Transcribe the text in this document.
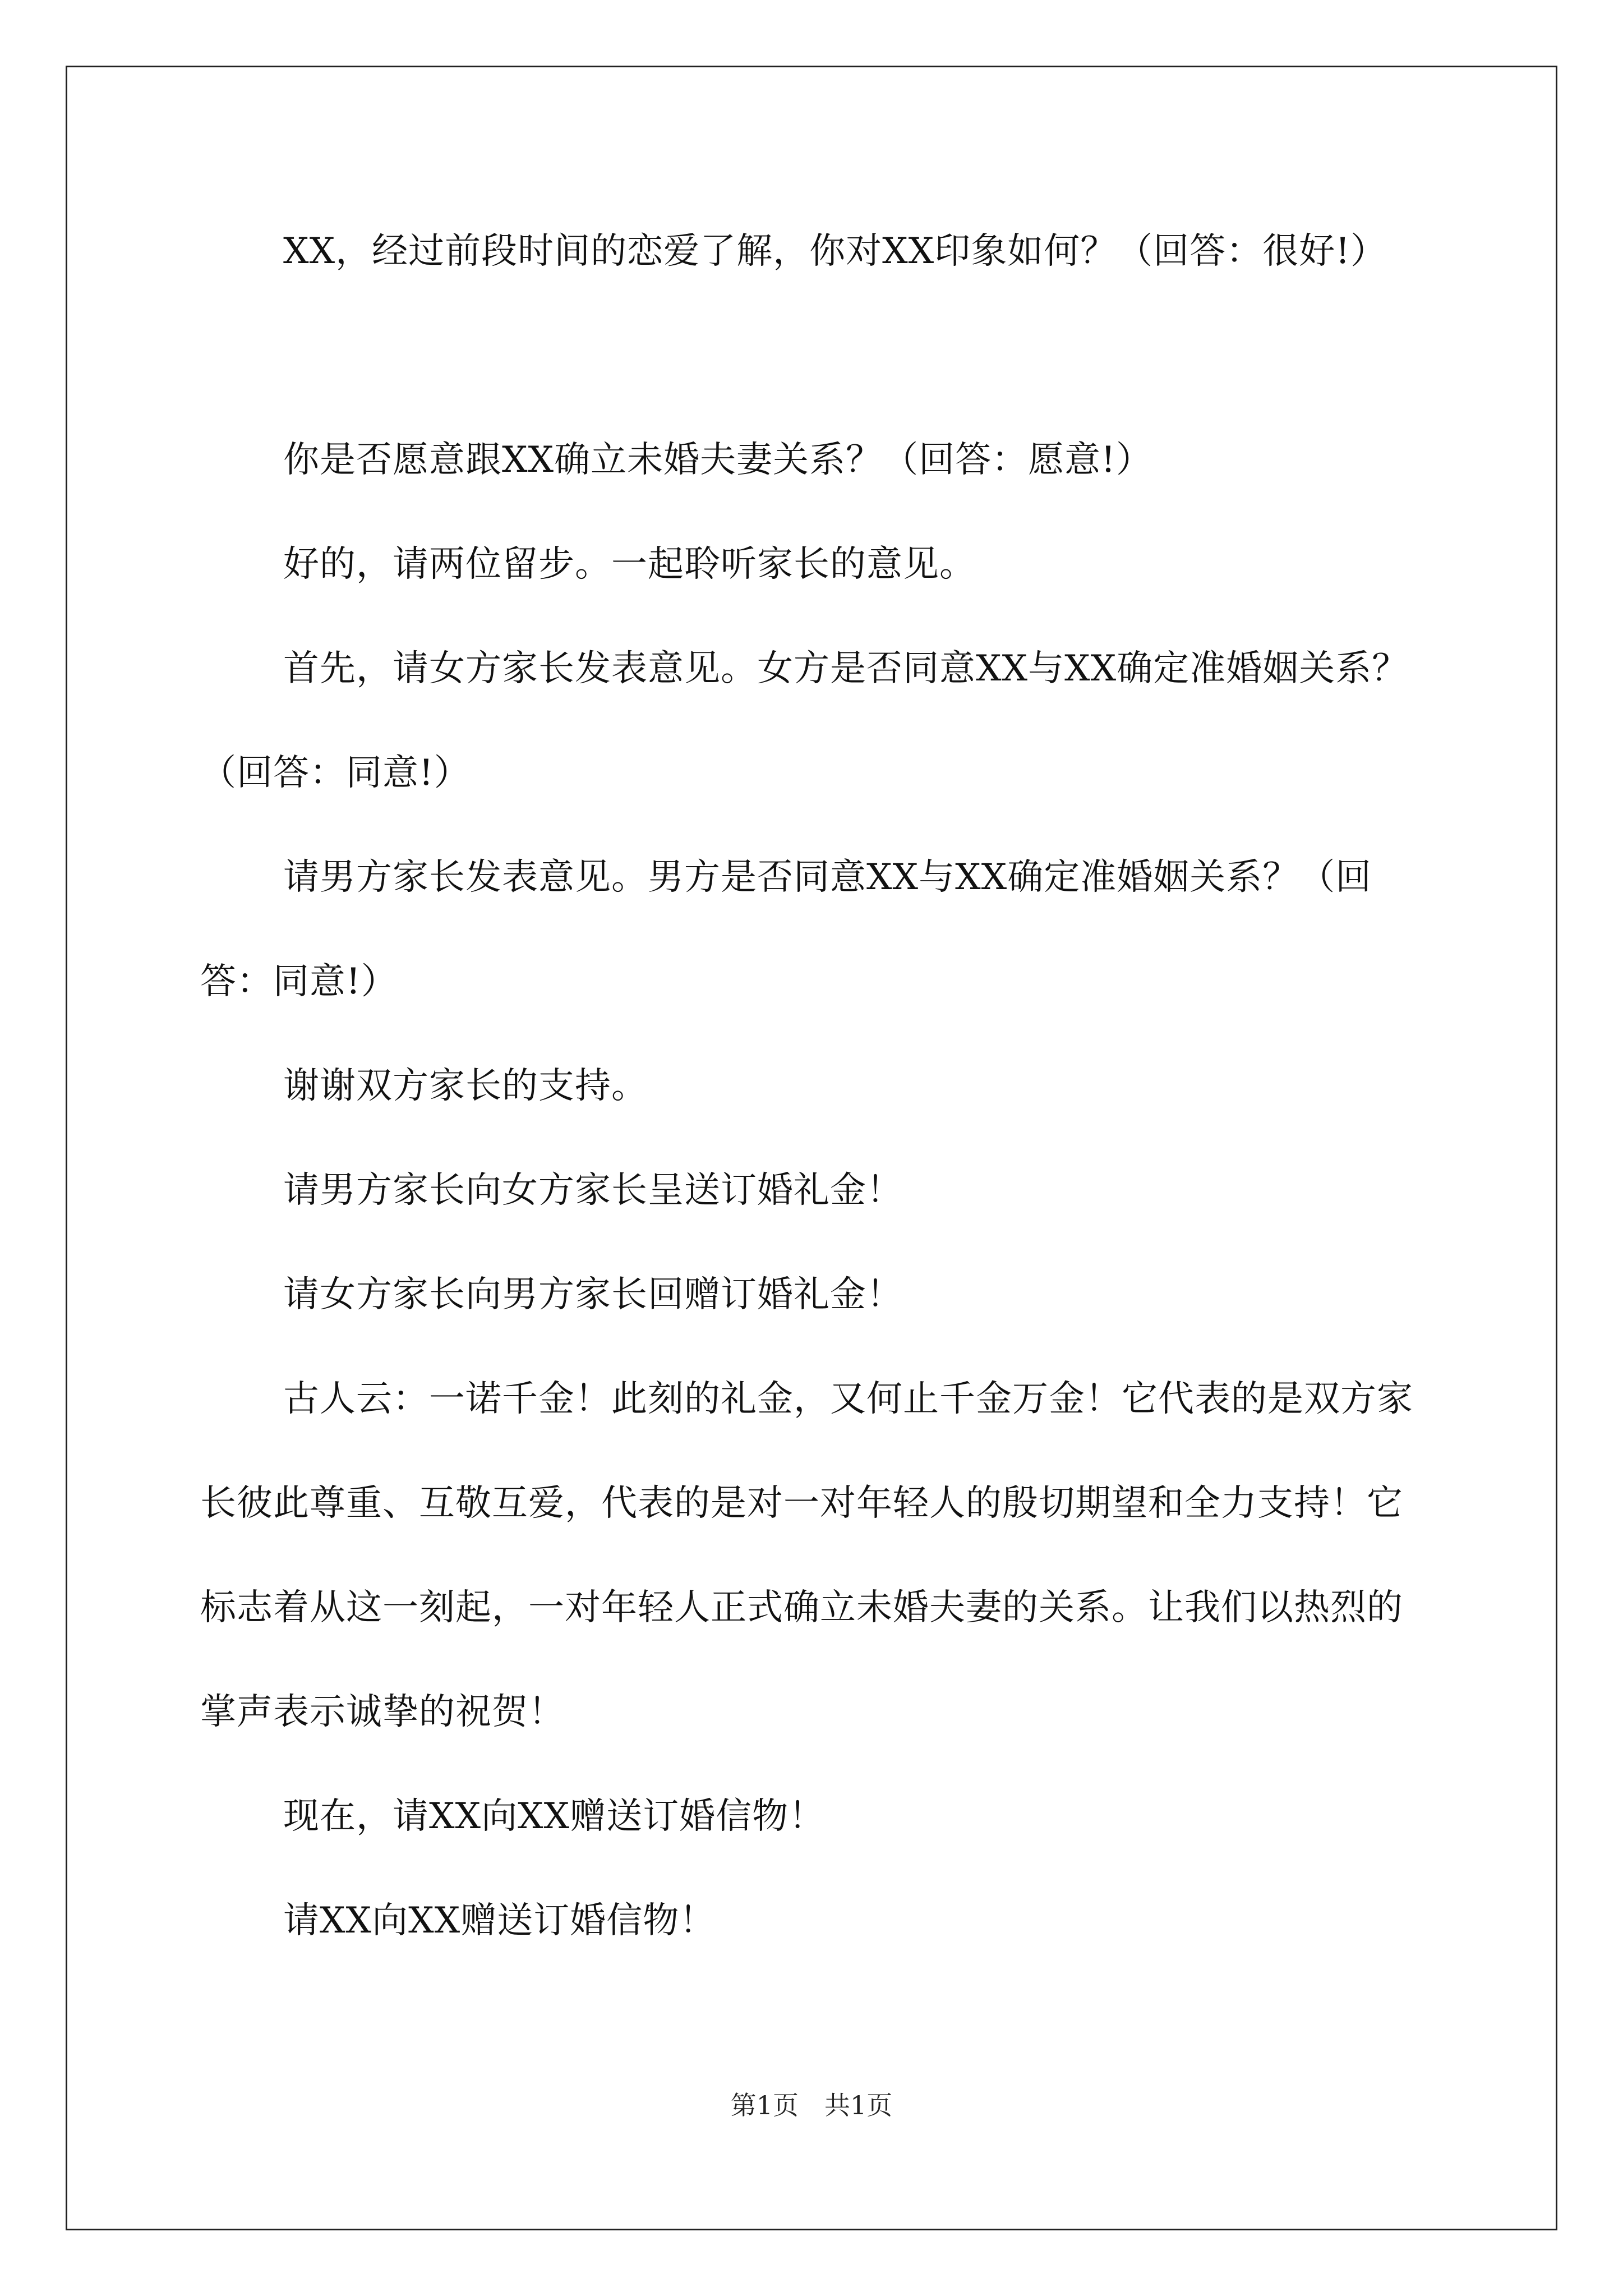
XX，经过前段时间的恋爱了解，你对XX印象如何？（回答：很好!）

你是否愿意跟XX确立未婚夫妻关系？（回答：愿意!）

好的，请两位留步。一起聆听家长的意见。

首先，请女方家长发表意见。女方是否同意XX与XX确定准婚姻关系？（回答：同意!）

请男方家长发表意见。男方是否同意XX与XX确定准婚姻关系？（回答：同意!）

谢谢双方家长的支持。

请男方家长向女方家长呈送订婚礼金！

请女方家长向男方家长回赠订婚礼金！

古人云：一诺千金！此刻的礼金，又何止千金万金！它代表的是双方家长彼此尊重、互敬互爱，代表的是对一对年轻人的殷切期望和全力支持！它标志着从这一刻起，一对年轻人正式确立未婚夫妻的关系。让我们以热烈的掌声表示诚挚的祝贺！

现在，请XX向XX赠送订婚信物！

请XX向XX赠送订婚信物！

第1页　共1页
